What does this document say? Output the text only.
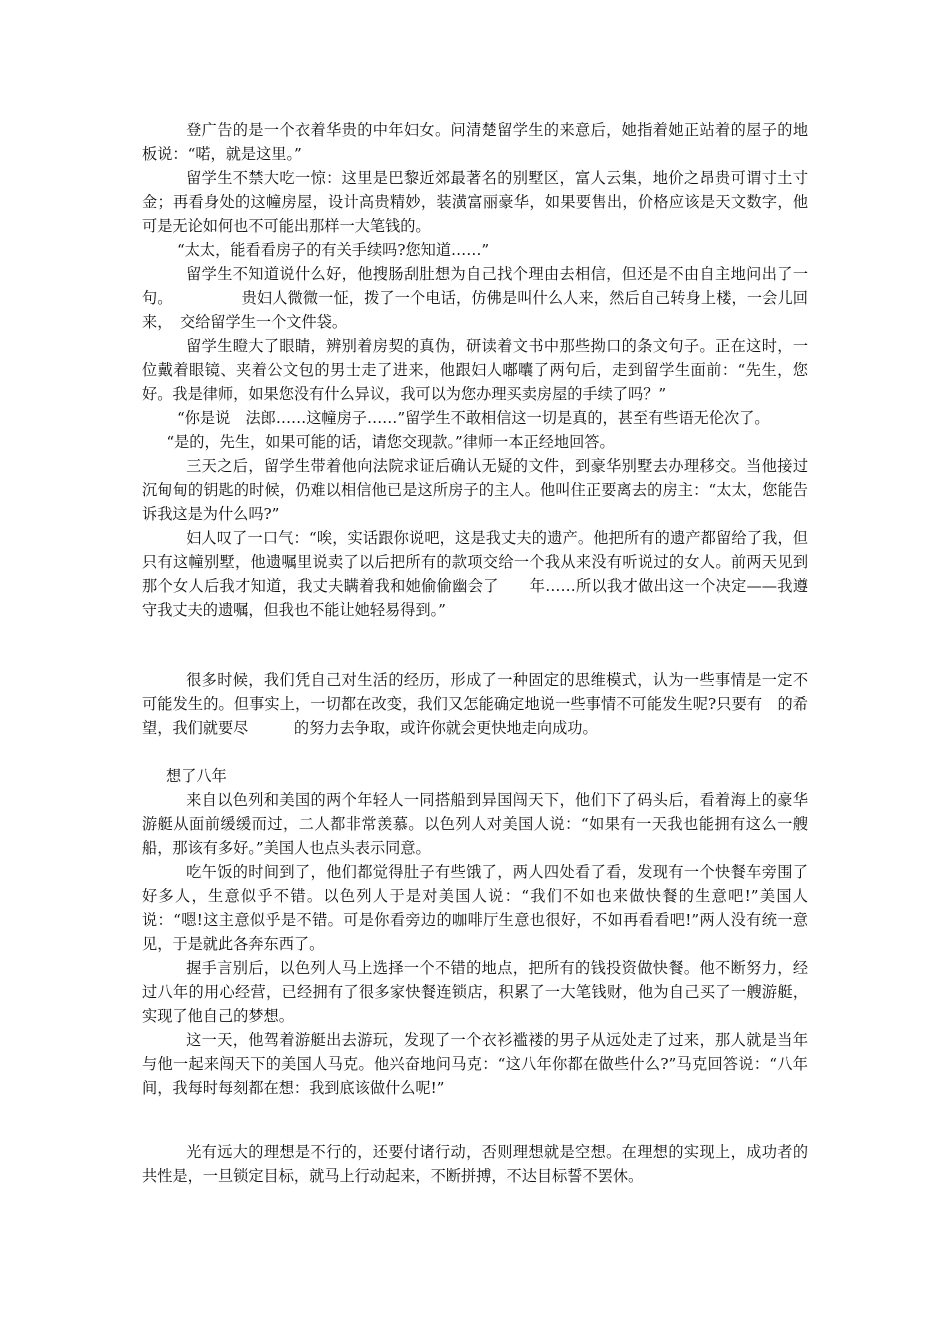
登广告的是一个衣着华贵的中年妇女。问清楚留学生的来意后，她指着她正站着的屋子的地板说：“喏，就是这里。”

留学生不禁大吃一惊：这里是巴黎近郊最著名的别墅区，富人云集，地价之昂贵可谓寸土寸金；再看身处的这幢房屋，设计高贵精妙，装潢富丽豪华，如果要售出，价格应该是天文数字，他可是无论如何也不可能出那样一大笔钱的。

“太太，能看看房子的有关手续吗?您知道……”

留学生不知道说什么好，他搜肠刮肚想为自己找个理由去相信，但还是不由自主地问出了一句。　　　　　贵妇人微微一怔，拨了一个电话，仿佛是叫什么人来，然后自己转身上楼，一会儿回来，　交给留学生一个文件袋。

留学生瞪大了眼睛，辨别着房契的真伪，研读着文书中那些拗口的条文句子。正在这时，一位戴着眼镜、夹着公文包的男士走了进来，他跟妇人嘟囔了两句后，走到留学生面前：“先生，您好。我是律师，如果您没有什么异议，我可以为您办理买卖房屋的手续了吗？”

“你是说　法郎……这幢房子……”留学生不敢相信这一切是真的，甚至有些语无伦次了。

“是的，先生，如果可能的话，请您交现款。”律师一本正经地回答。

三天之后，留学生带着他向法院求证后确认无疑的文件，到豪华别墅去办理移交。当他接过沉甸甸的钥匙的时候，仍难以相信他已是这所房子的主人。他叫住正要离去的房主：“太太，您能告诉我这是为什么吗?”

妇人叹了一口气：“唉，实话跟你说吧，这是我丈夫的遗产。他把所有的遗产都留给了我，但只有这幢别墅，他遗嘱里说卖了以后把所有的款项交给一个我从来没有听说过的女人。前两天见到那个女人后我才知道，我丈夫瞒着我和她偷偷幽会了　　年……所以我才做出这一个决定——我遵守我丈夫的遗嘱，但我也不能让她轻易得到。”

很多时候，我们凭自己对生活的经历，形成了一种固定的思维模式，认为一些事情是一定不可能发生的。但事实上，一切都在改变，我们又怎能确定地说一些事情不可能发生呢?只要有　的希望，我们就要尽　　　的努力去争取，或许你就会更快地走向成功。

想了八年

来自以色列和美国的两个年轻人一同搭船到异国闯天下，他们下了码头后，看着海上的豪华游艇从面前缓缓而过，二人都非常羡慕。以色列人对美国人说：“如果有一天我也能拥有这么一艘船，那该有多好。”美国人也点头表示同意。

吃午饭的时间到了，他们都觉得肚子有些饿了，两人四处看了看，发现有一个快餐车旁围了好多人，生意似乎不错。以色列人于是对美国人说：“我们不如也来做快餐的生意吧!”美国人说：“嗯!这主意似乎是不错。可是你看旁边的咖啡厅生意也很好，不如再看看吧!”两人没有统一意见，于是就此各奔东西了。

握手言别后，以色列人马上选择一个不错的地点，把所有的钱投资做快餐。他不断努力，经过八年的用心经营，已经拥有了很多家快餐连锁店，积累了一大笔钱财，他为自己买了一艘游艇，实现了他自己的梦想。

这一天，他驾着游艇出去游玩，发现了一个衣衫褴褛的男子从远处走了过来，那人就是当年与他一起来闯天下的美国人马克。他兴奋地问马克：“这八年你都在做些什么?”马克回答说：“八年间，我每时每刻都在想：我到底该做什么呢!”

光有远大的理想是不行的，还要付诸行动，否则理想就是空想。在理想的实现上，成功者的共性是，一旦锁定目标，就马上行动起来，不断拼搏，不达目标誓不罢休。
